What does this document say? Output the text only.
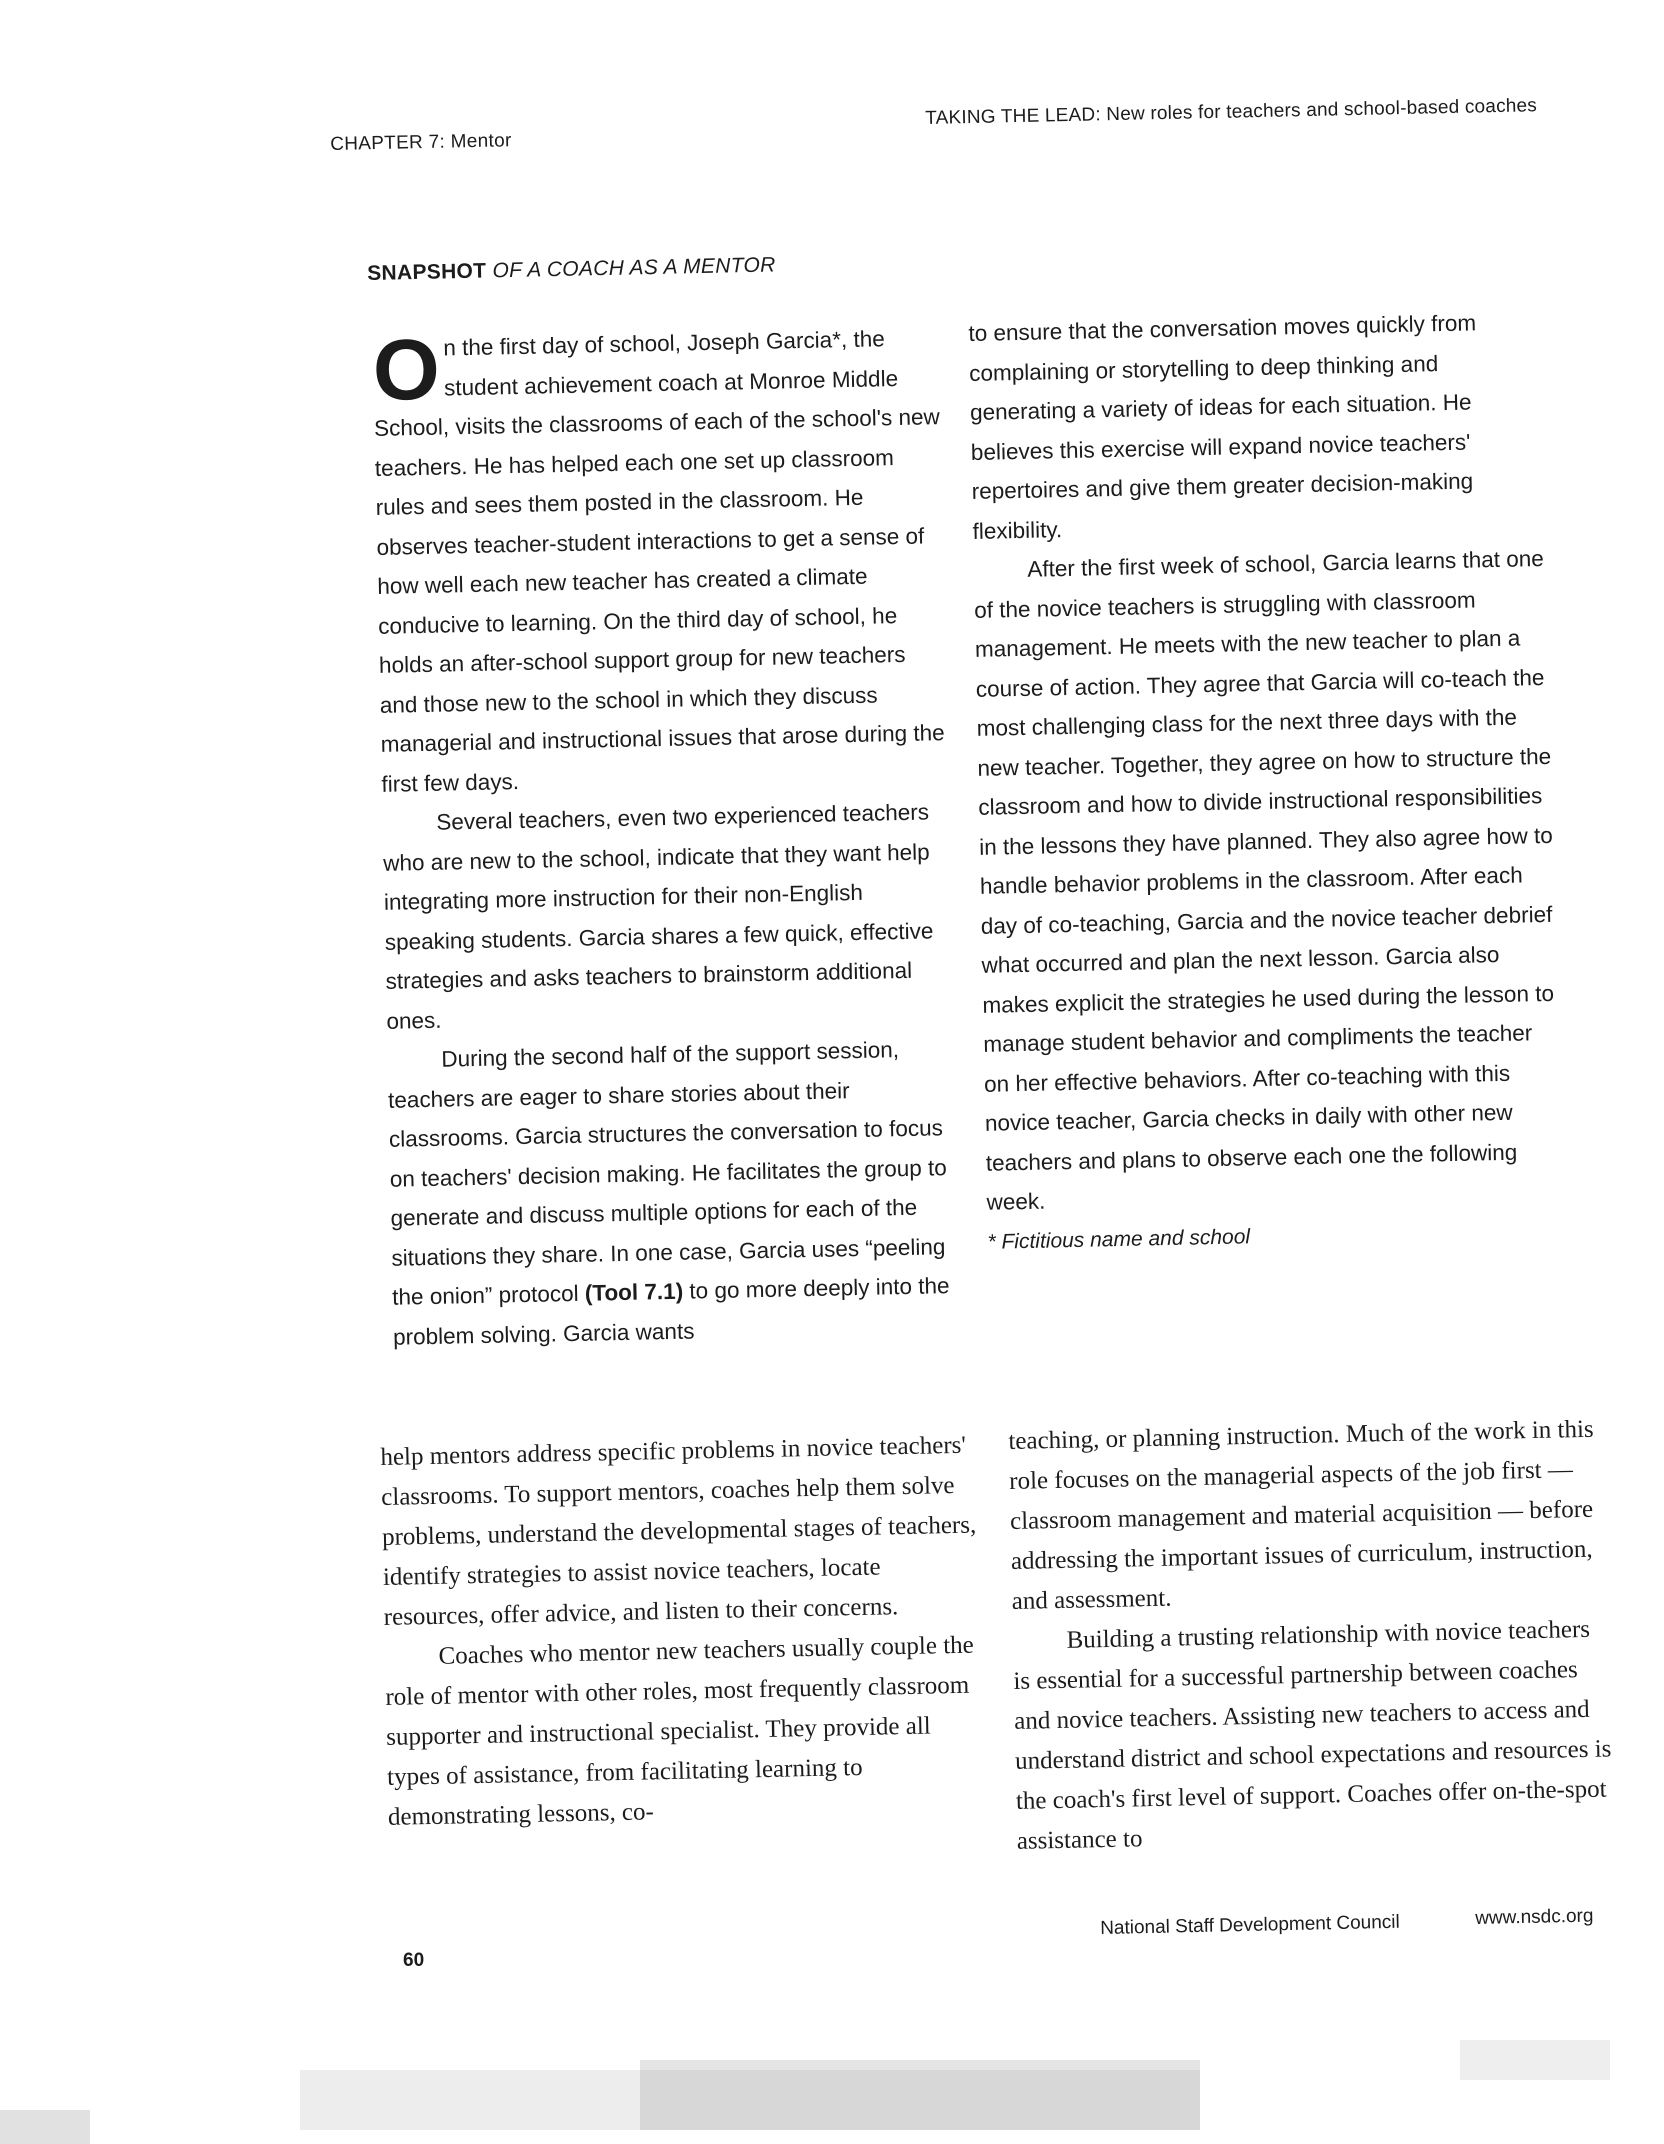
CHAPTER 7: Mentor
TAKING THE LEAD: New roles for teachers and school-based coaches
SNAPSHOT OF A COACH AS A MENTOR

On the first day of school, Joseph Garcia*, the student achievement coach at Monroe Middle School, visits the classrooms of each of the school's new teachers. He has helped each one set up classroom rules and sees them posted in the classroom. He observes teacher-student interactions to get a sense of how well each new teacher has created a climate conducive to learning. On the third day of school, he holds an after-school support group for new teachers and those new to the school in which they discuss managerial and instructional issues that arose during the first few days.

Several teachers, even two experienced teachers who are new to the school, indicate that they want help integrating more instruction for their non-English speaking students. Garcia shares a few quick, effective strategies and asks teachers to brainstorm additional ones.

During the second half of the support session, teachers are eager to share stories about their classrooms. Garcia structures the conversation to focus on teachers' decision making. He facilitates the group to generate and discuss multiple options for each of the situations they share. In one case, Garcia uses “peeling the onion” protocol (Tool 7.1) to go more deeply into the problem solving. Garcia wants

to ensure that the conversation moves quickly from complaining or storytelling to deep thinking and generating a variety of ideas for each situation. He believes this exercise will expand novice teachers' repertoires and give them greater decision-making flexibility.

After the first week of school, Garcia learns that one of the novice teachers is struggling with classroom management. He meets with the new teacher to plan a course of action. They agree that Garcia will co-teach the most challenging class for the next three days with the new teacher. Together, they agree on how to structure the classroom and how to divide instructional responsibilities in the lessons they have planned. They also agree how to handle behavior problems in the classroom. After each day of co-teaching, Garcia and the novice teacher debrief what occurred and plan the next lesson. Garcia also makes explicit the strategies he used during the lesson to manage student behavior and compliments the teacher on her effective behaviors. After co-teaching with this novice teacher, Garcia checks in daily with other new teachers and plans to observe each one the following week.

* Fictitious name and school

help mentors address specific problems in novice teachers' classrooms. To support mentors, coaches help them solve problems, understand the developmental stages of teachers, identify strategies to assist novice teachers, locate resources, offer advice, and listen to their concerns.

Coaches who mentor new teachers usually couple the role of mentor with other roles, most frequently classroom supporter and instructional specialist. They provide all types of assistance, from facilitating learning to demonstrating lessons, co-

teaching, or planning instruction. Much of the work in this role focuses on the managerial aspects of the job first — classroom management and material acquisition — before addressing the important issues of curriculum, instruction, and assessment.

Building a trusting relationship with novice teachers is essential for a successful partnership between coaches and novice teachers. Assisting new teachers to access and understand district and school expectations and resources is the coach's first level of support. Coaches offer on-the-spot assistance to

National Staff Development Council	www.nsdc.org
60
